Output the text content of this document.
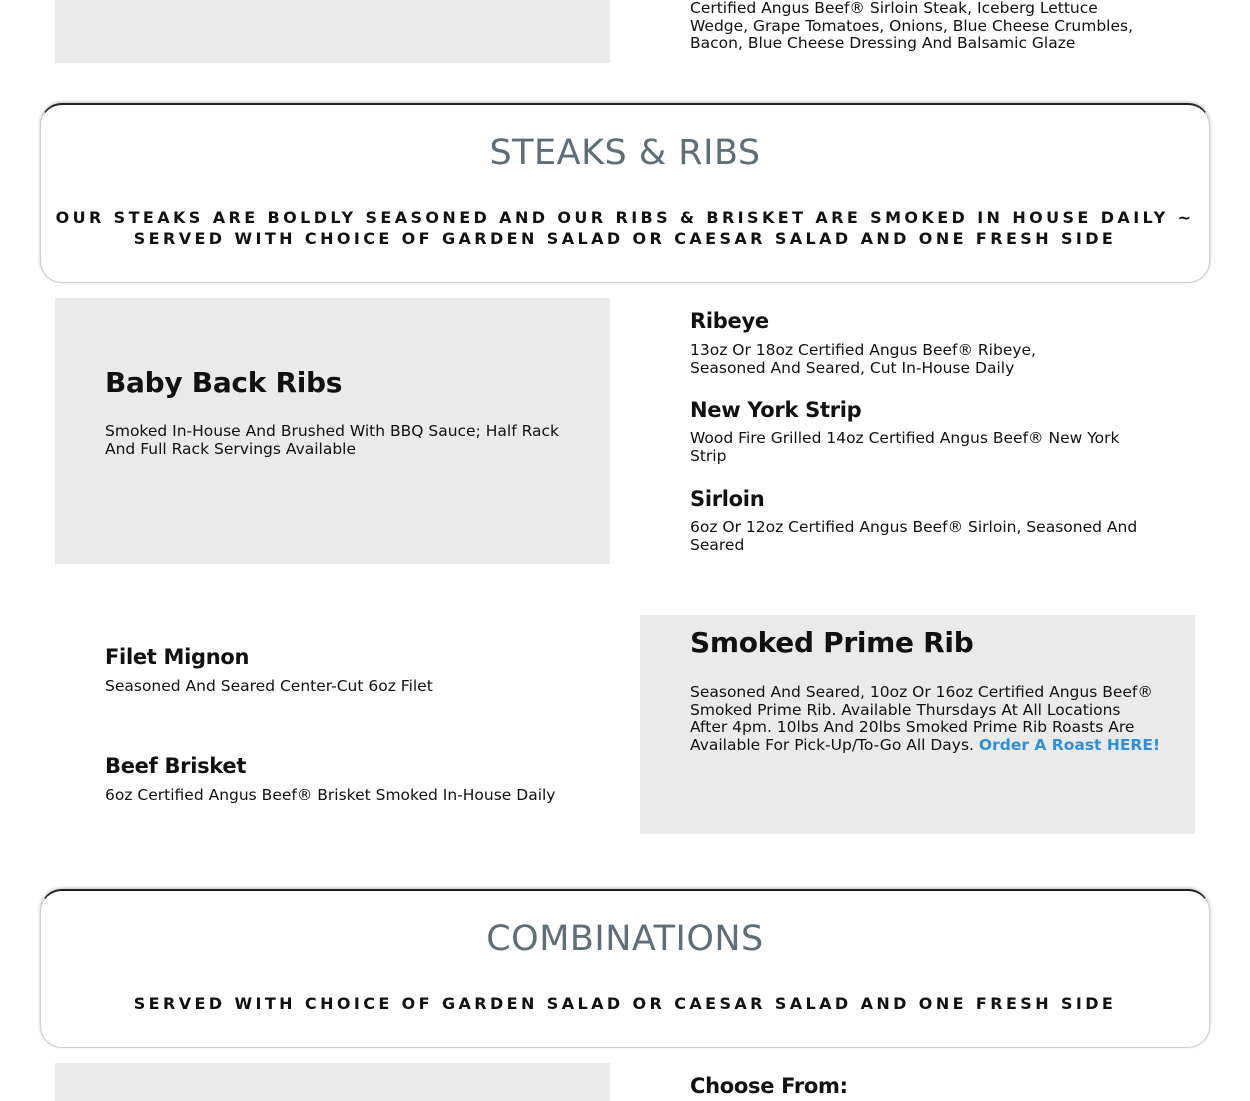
Certified Angus Beef® Sirloin Steak, Iceberg Lettuce
Wedge, Grape Tomatoes, Onions, Blue Cheese Crumbles,
Bacon, Blue Cheese Dressing And Balsamic Glaze
STEAKS & RIBS
OUR STEAKS ARE BOLDLY SEASONED AND OUR RIBS & BRISKET ARE SMOKED IN HOUSE DAILY ~
SERVED WITH CHOICE OF GARDEN SALAD OR CAESAR SALAD AND ONE FRESH SIDE
Baby Back Ribs
Smoked In-House And Brushed With BBQ Sauce; Half Rack
And Full Rack Servings Available
Ribeye
13oz Or 18oz Certified Angus Beef® Ribeye,
Seasoned And Seared, Cut In-House Daily
New York Strip
Wood Fire Grilled 14oz Certified Angus Beef® New York
Strip
Sirloin
6oz Or 12oz Certified Angus Beef® Sirloin, Seasoned And
Seared
Filet Mignon
Seasoned And Seared Center-Cut 6oz Filet
Beef Brisket
6oz Certified Angus Beef® Brisket Smoked In-House Daily
Smoked Prime Rib
Seasoned And Seared, 10oz Or 16oz Certified Angus Beef®
Smoked Prime Rib. Available Thursdays At All Locations
After 4pm. 10lbs And 20lbs Smoked Prime Rib Roasts Are
Available For Pick-Up/To-Go All Days. Order A Roast HERE!
COMBINATIONS
SERVED WITH CHOICE OF GARDEN SALAD OR CAESAR SALAD AND ONE FRESH SIDE
Choose From:
